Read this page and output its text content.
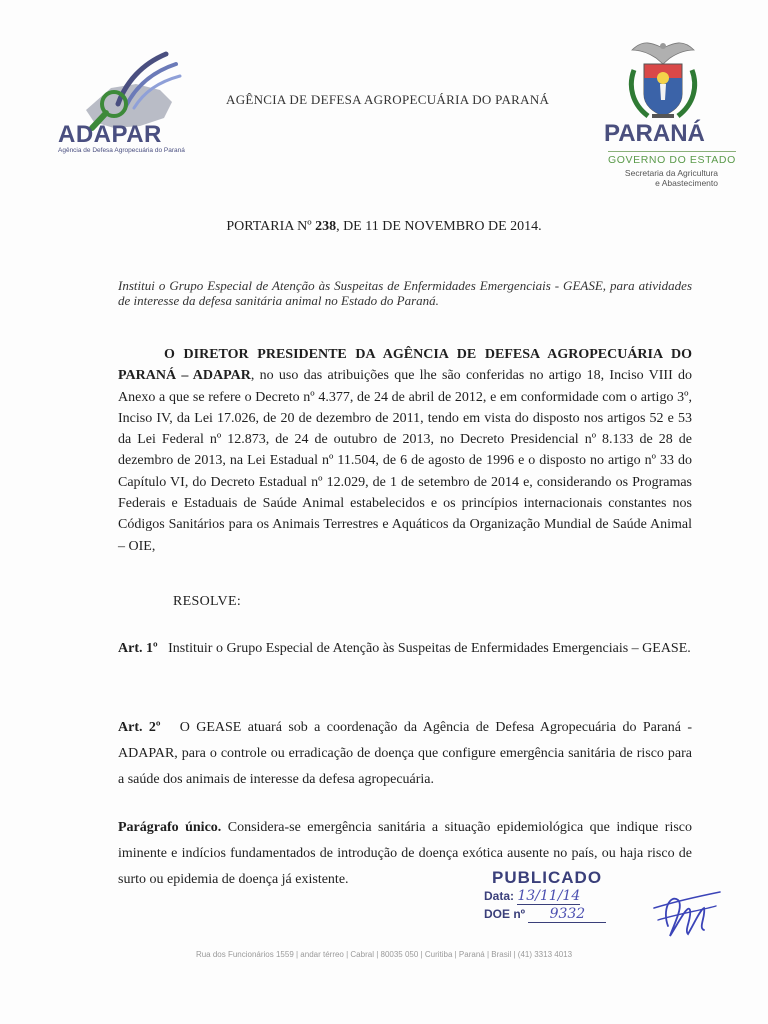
ADAPAR
Agência de Defesa Agropecuária do Paraná
AGÊNCIA DE DEFESA AGROPECUÁRIA DO PARANÁ
PARANÁ
GOVERNO DO ESTADO
Secretaria da Agricultura
e Abastecimento
PORTARIA Nº 238, DE 11 DE NOVEMBRO DE 2014.
Institui o Grupo Especial de Atenção às Suspeitas de Enfermidades Emergenciais - GEASE, para atividades de interesse da defesa sanitária animal no Estado do Paraná.
O DIRETOR PRESIDENTE DA AGÊNCIA DE DEFESA AGROPECUÁRIA DO PARANÁ – ADAPAR, no uso das atribuições que lhe são conferidas no artigo 18, Inciso VIII do Anexo a que se refere o Decreto nº 4.377, de 24 de abril de 2012, e em conformidade com o artigo 3º, Inciso IV, da Lei 17.026, de 20 de dezembro de 2011, tendo em vista do disposto nos artigos 52 e 53 da Lei Federal nº 12.873, de 24 de outubro de 2013, no Decreto Presidencial nº 8.133 de 28 de dezembro de 2013, na Lei Estadual nº 11.504, de 6 de agosto de 1996 e o disposto no artigo nº 33 do Capítulo VI, do Decreto Estadual nº 12.029, de 1 de setembro de 2014 e, considerando os Programas Federais e Estaduais de Saúde Animal estabelecidos e os princípios internacionais constantes nos Códigos Sanitários para os Animais Terrestres e Aquáticos da Organização Mundial de Saúde Animal – OIE,
RESOLVE:
Art. 1º Instituir o Grupo Especial de Atenção às Suspeitas de Enfermidades Emergenciais – GEASE.
Art. 2º O GEASE atuará sob a coordenação da Agência de Defesa Agropecuária do Paraná - ADAPAR, para o controle ou erradicação de doença que configure emergência sanitária de risco para a saúde dos animais de interesse da defesa agropecuária.
Parágrafo único. Considera-se emergência sanitária a situação epidemiológica que indique risco iminente e indícios fundamentados de introdução de doença exótica ausente no país, ou haja risco de surto ou epidemia de doença já existente.	PUBLICADO
Data: 13/11/14
DOE nº 9332
Rua dos Funcionários 1559 | andar térreo | Cabral | 80035 050 | Curitiba | Paraná | Brasil | (41) 3313 4013
